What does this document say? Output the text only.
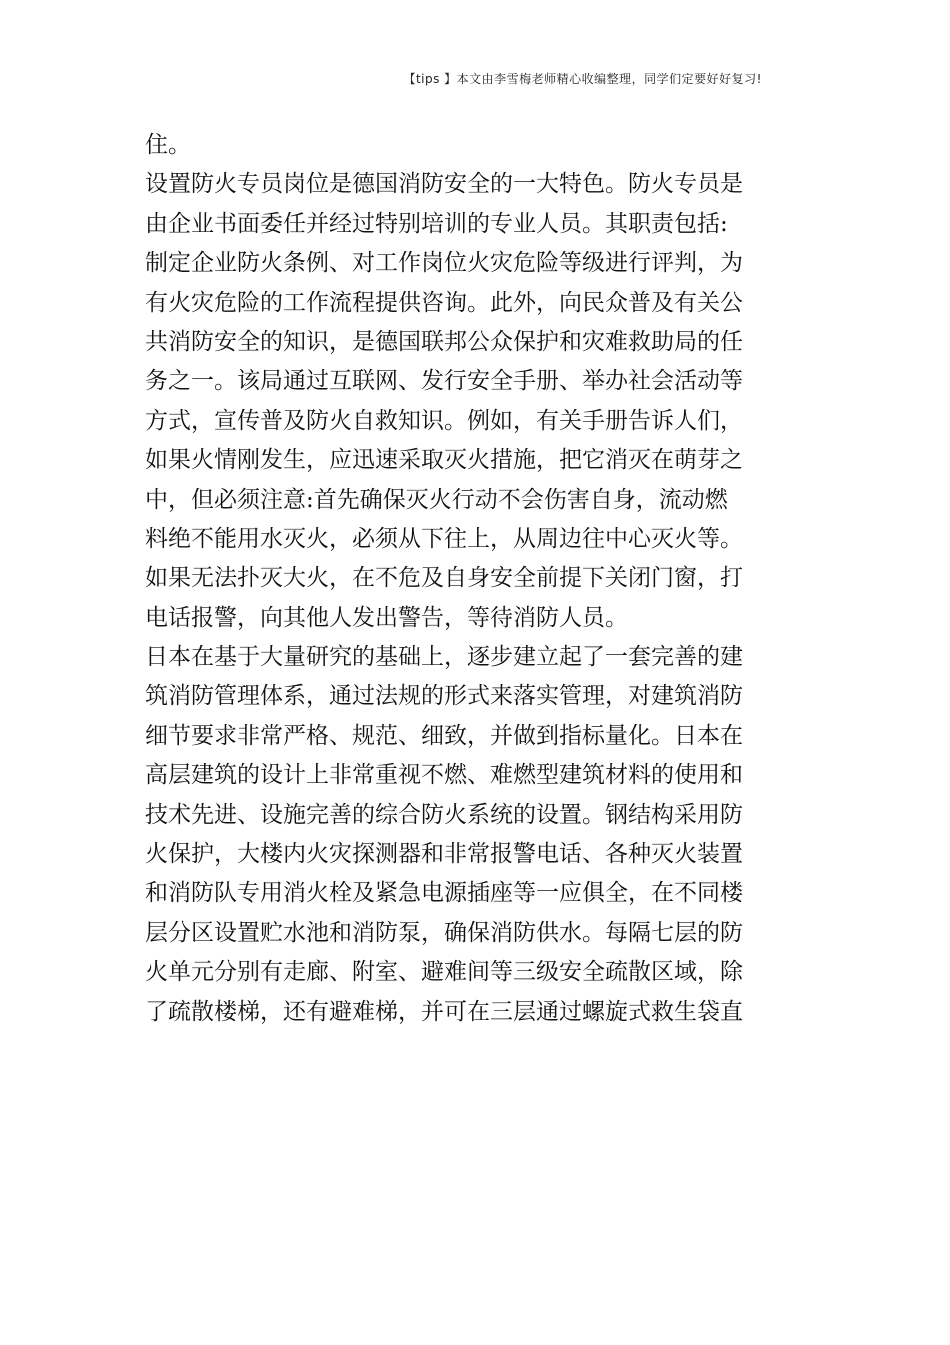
【tips 】本文由李雪梅老师精心收编整理，同学们定要好好复习!
住。
设置防火专员岗位是德国消防安全的一大特色。防火专员是
由企业书面委任并经过特别培训的专业人员。其职责包括:
制定企业防火条例、对工作岗位火灾危险等级进行评判，为
有火灾危险的工作流程提供咨询。此外，向民众普及有关公
共消防安全的知识，是德国联邦公众保护和灾难救助局的任
务之一。该局通过互联网、发行安全手册、举办社会活动等
方式，宣传普及防火自救知识。例如，有关手册告诉人们，
如果火情刚发生，应迅速采取灭火措施，把它消灭在萌芽之
中，但必须注意:首先确保灭火行动不会伤害自身，流动燃
料绝不能用水灭火，必须从下往上，从周边往中心灭火等。
如果无法扑灭大火，在不危及自身安全前提下关闭门窗，打
电话报警，向其他人发出警告，等待消防人员。
日本在基于大量研究的基础上，逐步建立起了一套完善的建
筑消防管理体系，通过法规的形式来落实管理，对建筑消防
细节要求非常严格、规范、细致，并做到指标量化。日本在
高层建筑的设计上非常重视不燃、难燃型建筑材料的使用和
技术先进、设施完善的综合防火系统的设置。钢结构采用防
火保护，大楼内火灾探测器和非常报警电话、各种灭火装置
和消防队专用消火栓及紧急电源插座等一应俱全，在不同楼
层分区设置贮水池和消防泵，确保消防供水。每隔七层的防
火单元分别有走廊、附室、避难间等三级安全疏散区域，除
了疏散楼梯，还有避难梯，并可在三层通过螺旋式救生袋直
